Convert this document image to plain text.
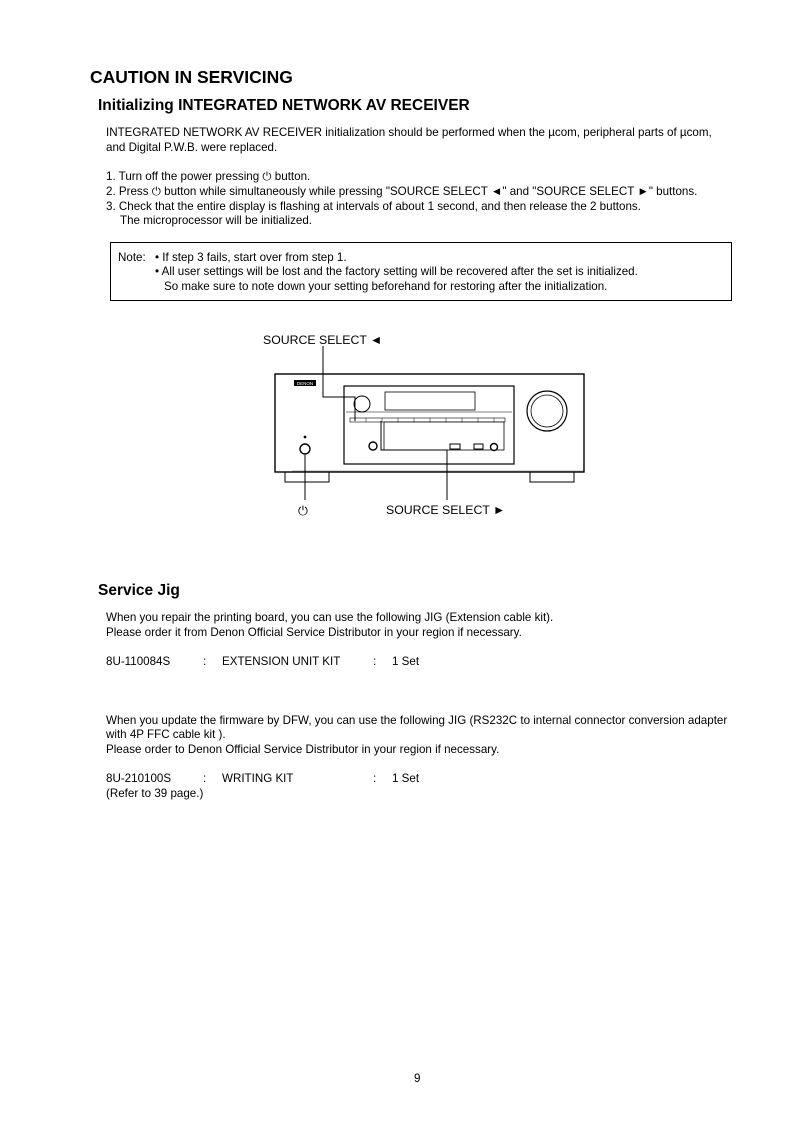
CAUTION IN SERVICING
Initializing INTEGRATED NETWORK AV RECEIVER
INTEGRATED NETWORK AV RECEIVER initialization should be performed when the µcom, peripheral parts of µcom,
and Digital P.W.B. were replaced.
1. Turn off the power pressing ⏻ button.
2. Press ⏻ button while simultaneously while pressing "SOURCE SELECT ◄" and "SOURCE SELECT ►" buttons.
3. Check that the entire display is flashing at intervals of about 1 second, and then release the 2 buttons.
The microprocessor will be initialized.
Note: • If step 3 fails, start over from step 1.
• All user settings will be lost and the factory setting will be recovered after the set is initialized.
So make sure to note down your setting beforehand for restoring after the initialization.
SOURCE SELECT ◄
SOURCE SELECT ►
⏻
DENON
Service Jig
When you repair the printing board, you can use the following JIG (Extension cable kit).
Please order it from Denon Official Service Distributor in your region if necessary.
8U-110084S	: EXTENSION UNIT KIT	: 1 Set
When you update the firmware by DFW, you can use the following JIG (RS232C to internal connector conversion adapter
with 4P FFC cable kit ).
Please order to Denon Official Service Distributor in your region if necessary.
8U-210100S	: WRITING KIT	: 1 Set
(Refer to 39 page.)
9
